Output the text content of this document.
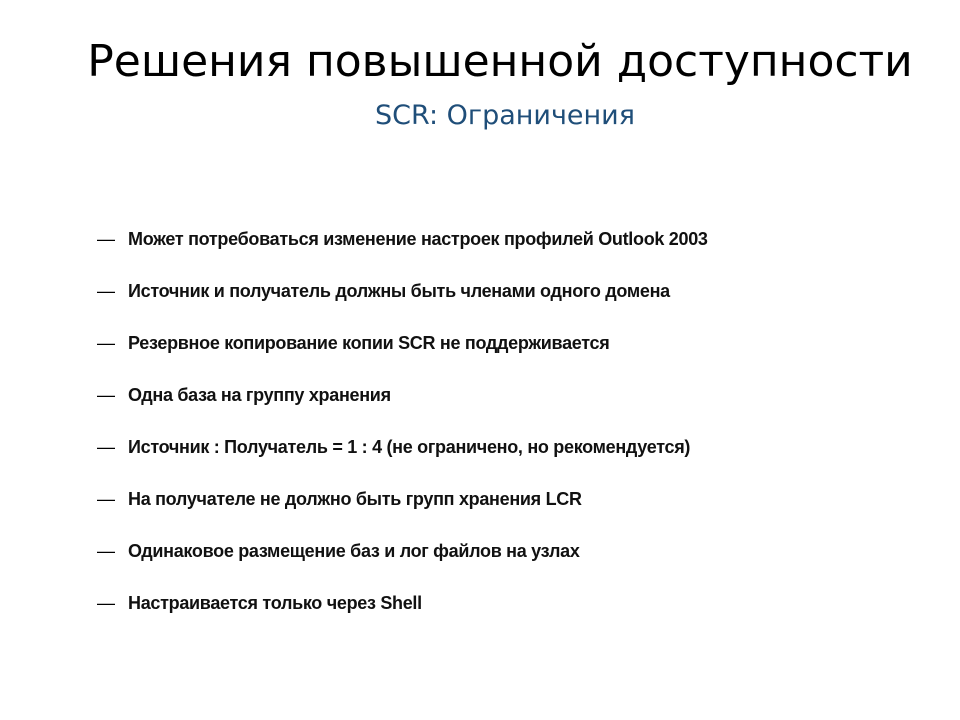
Решения повышенной доступности
SCR: Ограничения
— Может потребоваться изменение настроек профилей Outlook 2003
— Источник и получатель должны быть членами одного домена
— Резервное копирование копии SCR не поддерживается
— Одна база на группу хранения
— Источник : Получатель = 1 : 4 (не ограничено, но рекомендуется)
— На получателе не должно быть групп хранения LCR
— Одинаковое размещение баз и лог файлов на узлах
— Настраивается только через Shell
